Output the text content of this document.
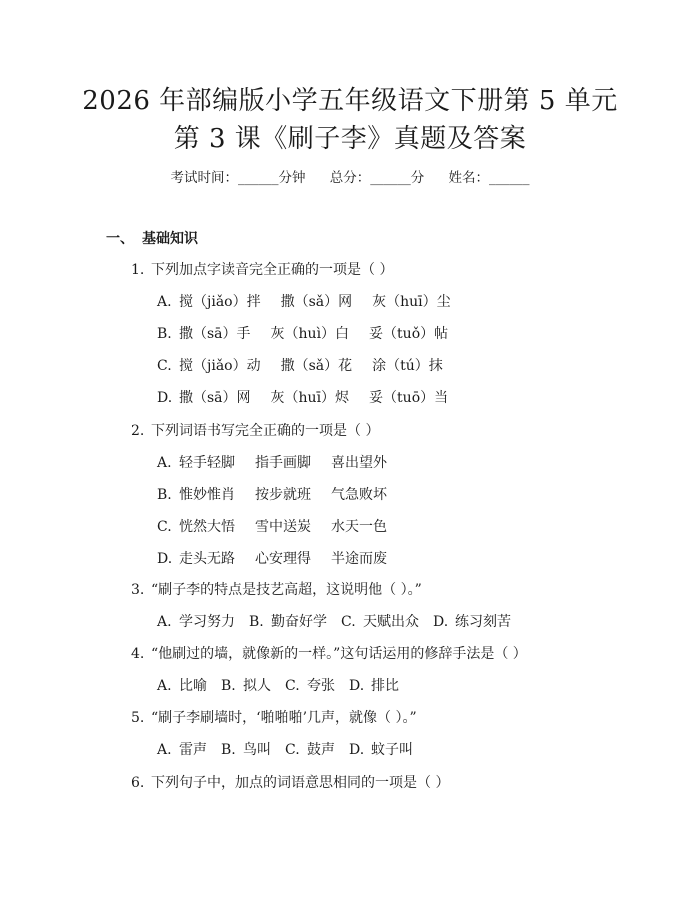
2026 年部编版小学五年级语文下册第 5 单元
第 3 课《刷子李》真题及答案
考试时间：______分钟 总分：______分 姓名：______
一、 基础知识
1. 下列加点字读音完全正确的一项是（ ）
A. 搅（jiǎo）拌 撒（sǎ）网 灰（huī）尘
B. 撒（sā）手 灰（huì）白 妥（tuǒ）帖
C. 搅（jiǎo）动 撒（sǎ）花 涂（tú）抹
D. 撒（sā）网 灰（huī）烬 妥（tuō）当
2. 下列词语书写完全正确的一项是（ ）
A. 轻手轻脚 指手画脚 喜出望外
B. 惟妙惟肖 按步就班 气急败坏
C. 恍然大悟 雪中送炭 水天一色
D. 走头无路 心安理得 半途而废
3. “刷子李的特点是技艺高超，这说明他（ ）。”
A. 学习努力 B. 勤奋好学 C. 天赋出众 D. 练习刻苦
4. “他刷过的墙，就像新的一样。”这句话运用的修辞手法是（ ）
A. 比喻 B. 拟人 C. 夸张 D. 排比
5. “刷子李刷墙时，‘啪啪啪’几声，就像（ ）。”
A. 雷声 B. 鸟叫 C. 鼓声 D. 蚊子叫
6. 下列句子中，加点的词语意思相同的一项是（ ）
